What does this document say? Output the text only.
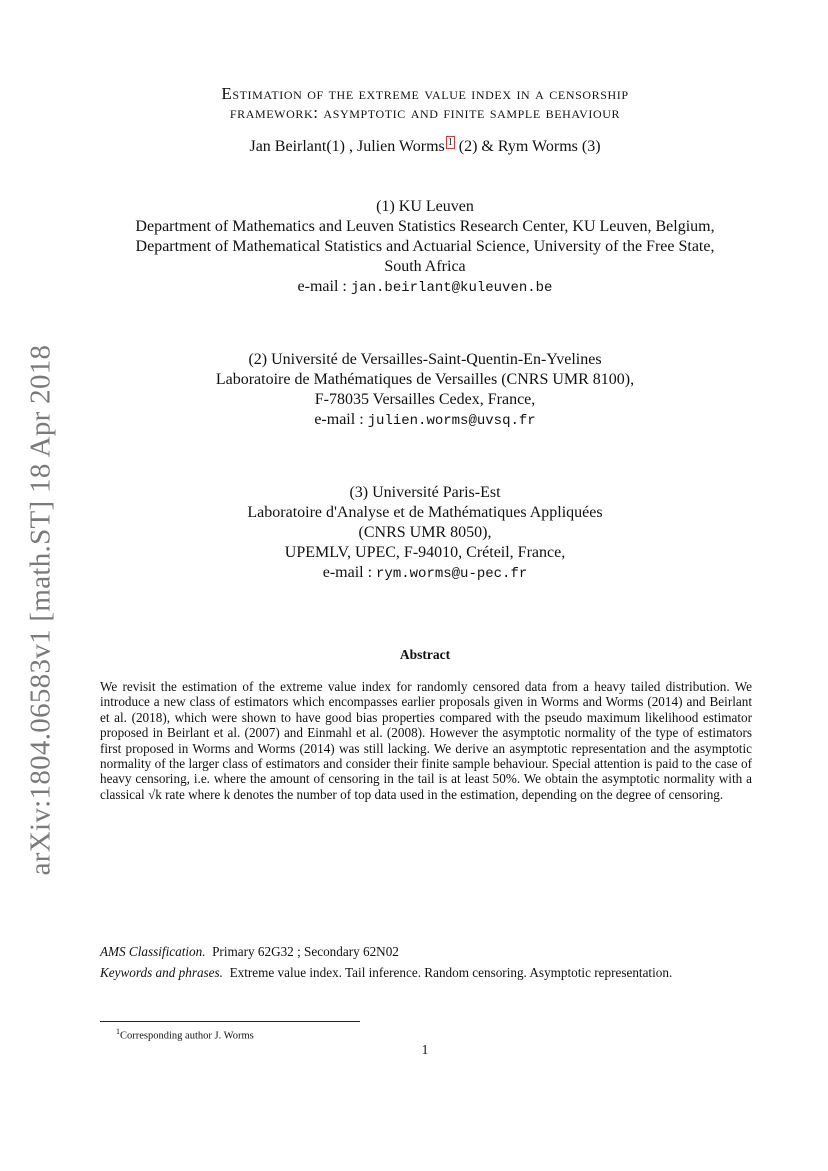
arXiv:1804.06583v1 [math.ST] 18 Apr 2018
Estimation of the extreme value index in a censorship
framework: asymptotic and finite sample behaviour
Jan Beirlant(1) , Julien Worms $^1$ (2) & Rym Worms (3)
(1) KU Leuven
Department of Mathematics and Leuven Statistics Research Center, KU Leuven, Belgium,
Department of Mathematical Statistics and Actuarial Science, University of the Free State,
South Africa
e-mail : jan.beirlant@kuleuven.be
(2) Université de Versailles-Saint-Quentin-En-Yvelines
Laboratoire de Mathématiques de Versailles (CNRS UMR 8100),
F-78035 Versailles Cedex, France,
e-mail : julien.worms@uvsq.fr
(3) Université Paris-Est
Laboratoire d'Analyse et de Mathématiques Appliquées
(CNRS UMR 8050),
UPEMLV, UPEC, F-94010, Créteil, France,
e-mail : rym.worms@u-pec.fr
Abstract
We revisit the estimation of the extreme value index for randomly censored data from a heavy tailed distribution. We introduce a new class of estimators which encompasses earlier proposals given in Worms and Worms (2014) and Beirlant et al. (2018), which were shown to have good bias properties compared with the pseudo maximum likelihood estimator proposed in Beirlant et al. (2007) and Einmahl et al. (2008). However the asymptotic normality of the type of estimators first proposed in Worms and Worms (2014) was still lacking. We derive an asymptotic representation and the asymptotic normality of the larger class of estimators and consider their finite sample behaviour. Special attention is paid to the case of heavy censoring, i.e. where the amount of censoring in the tail is at least 50%. We obtain the asymptotic normality with a classical √k rate where k denotes the number of top data used in the estimation, depending on the degree of censoring.
AMS Classification. Primary 62G32 ; Secondary 62N02
Keywords and phrases. Extreme value index. Tail inference. Random censoring. Asymptotic representation.
$^1$Corresponding author J. Worms
1
